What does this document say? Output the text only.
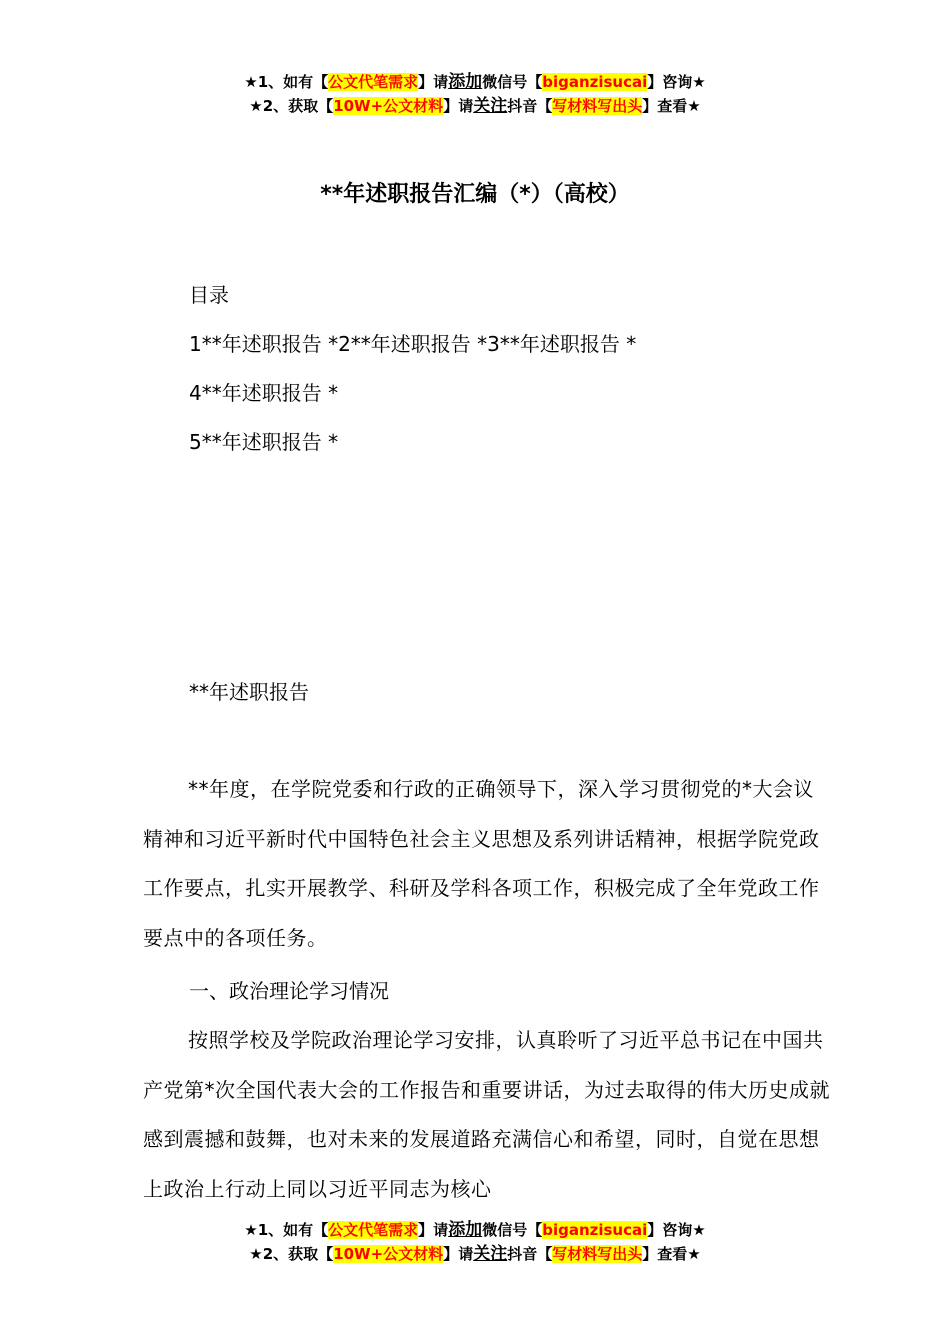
★1、如有【公文代笔需求】请添加微信号【biganzisucai】咨询★
★2、获取【10W+公文材料】请关注抖音【写材料写出头】查看★
**年述职报告汇编（*）（高校）
目录
1**年述职报告 *2**年述职报告 *3**年述职报告 *
4**年述职报告 *
5**年述职报告 *
**年述职报告

**年度，在学院党委和行政的正确领导下，深入学习贯彻党的*大会议精神和习近平新时代中国特色社会主义思想及系列讲话精神，根据学院党政工作要点，扎实开展教学、科研及学科各项工作，积极完成了全年党政工作要点中的各项任务。

一、政治理论学习情况

按照学校及学院政治理论学习安排，认真聆听了习近平总书记在中国共产党第*次全国代表大会的工作报告和重要讲话，为过去取得的伟大历史成就感到震撼和鼓舞，也对未来的发展道路充满信心和希望，同时，自觉在思想上政治上行动上同以习近平同志为核心

★1、如有【公文代笔需求】请添加微信号【biganzisucai】咨询★
★2、获取【10W+公文材料】请关注抖音【写材料写出头】查看★
